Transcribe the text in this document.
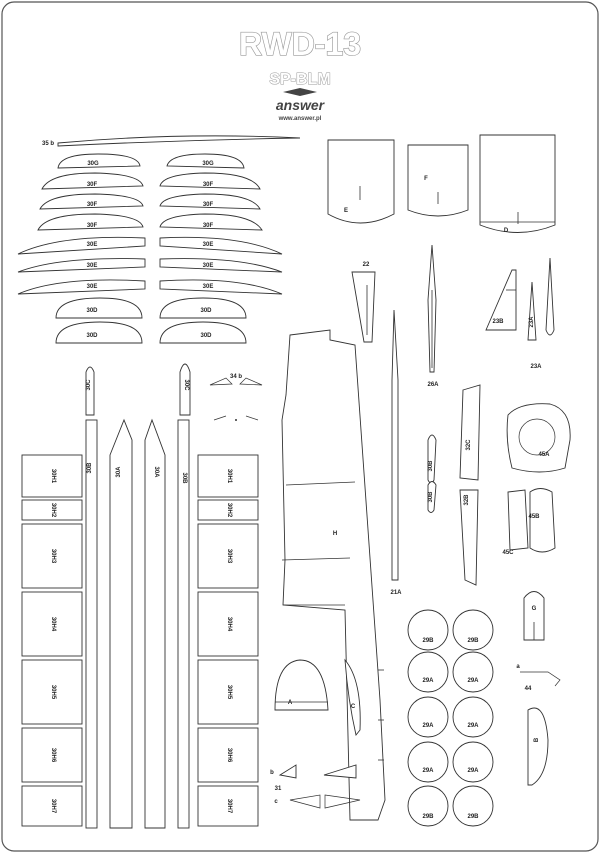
RWD-13
SP-BLM
answer
www.answer.pl
35 b
30G
30F
30F
30F
30E
30E
30E
30D
30D
30G
30F
30F
30F
30E
30E
30E
30D
30D
30C	30C
30B	30A	30A
30B
30H1
30H2
30H3
30H4
30H5
30H6
30H7
30H1
30H2
30H3
30H4
30H5
30H6
30H7
34 b
E
F
D
22
26A
23B	23A
23A
H
21A
32C
32B
30B
30B
45A
45B
45C
G
a
44
B
A
C
29B	29B
29A	29A
29A	29A
29A	29A
29B	29B
b
31
c
